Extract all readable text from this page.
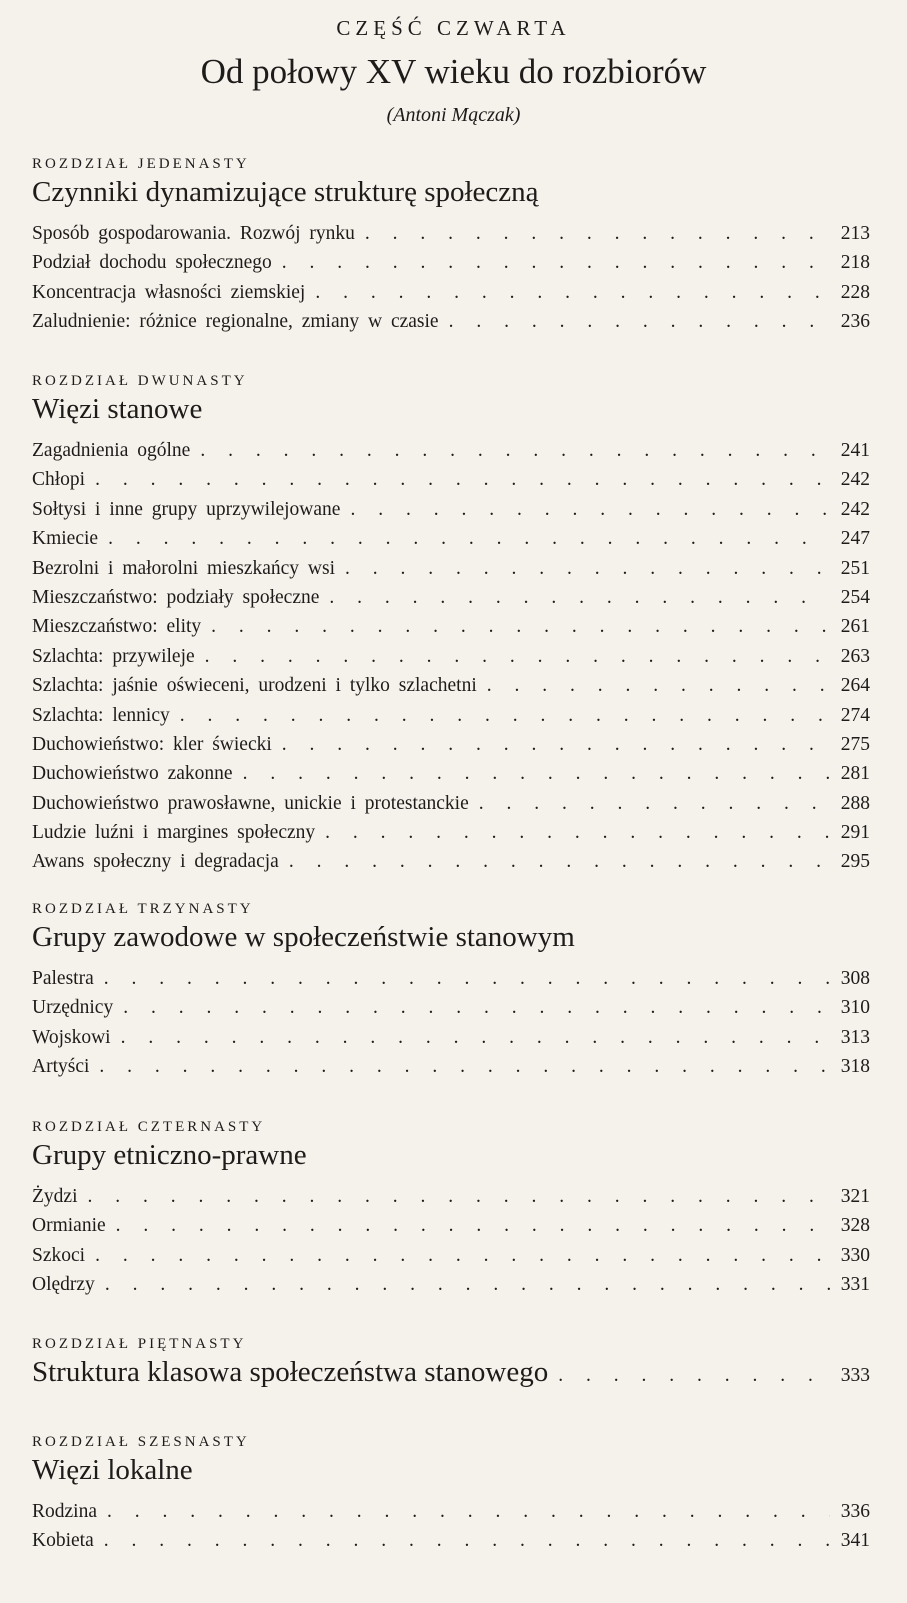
CZĘŚĆ CZWARTA
Od połowy XV wieku do rozbiorów
(Antoni Mączak)
ROZDZIAŁ JEDENASTY
Czynniki dynamizujące strukturę społeczną
Sposób gospodarowania. Rozwój rynku . . .	213
Podział dochodu społecznego . . .	218
Koncentracja własności ziemskiej . . .	228
Zaludnienie: różnice regionalne, zmiany w czasie . . .	236
ROZDZIAŁ DWUNASTY
Więzi stanowe
Zagadnienia ogólne . . .	241
Chłopi . . .	242
Sołtysi i inne grupy uprzywilejowane . . .	242
Kmiecie . . .	247
Bezrolni i małorolni mieszkańcy wsi . . .	251
Mieszczaństwo: podziały społeczne . . .	254
Mieszczaństwo: elity . . .	261
Szlachta: przywileje . . .	263
Szlachta: jaśnie oświeceni, urodzeni i tylko szlachetni . . .	264
Szlachta: lennicy . . .	274
Duchowieństwo: kler świecki . . .	275
Duchowieństwo zakonne . . .	281
Duchowieństwo prawosławne, unickie i protestanckie . . .	288
Ludzie luźni i margines społeczny . . .	291
Awans społeczny i degradacja . . .	295
ROZDZIAŁ TRZYNASTY
Grupy zawodowe w społeczeństwie stanowym
Palestra . . .	308
Urzędnicy . . .	310
Wojskowi . . .	313
Artyści . . .	318
ROZDZIAŁ CZTERNASTY
Grupy etniczno-prawne
Żydzi . . .	321
Ormianie . . .	328
Szkoci . . .	330
Olędrzy . . .	331
ROZDZIAŁ PIĘTNASTY
Struktura klasowa społeczeństwa stanowego . . .	333
ROZDZIAŁ SZESNASTY
Więzi lokalne
Rodzina . . .	336
Kobieta . . .	341
